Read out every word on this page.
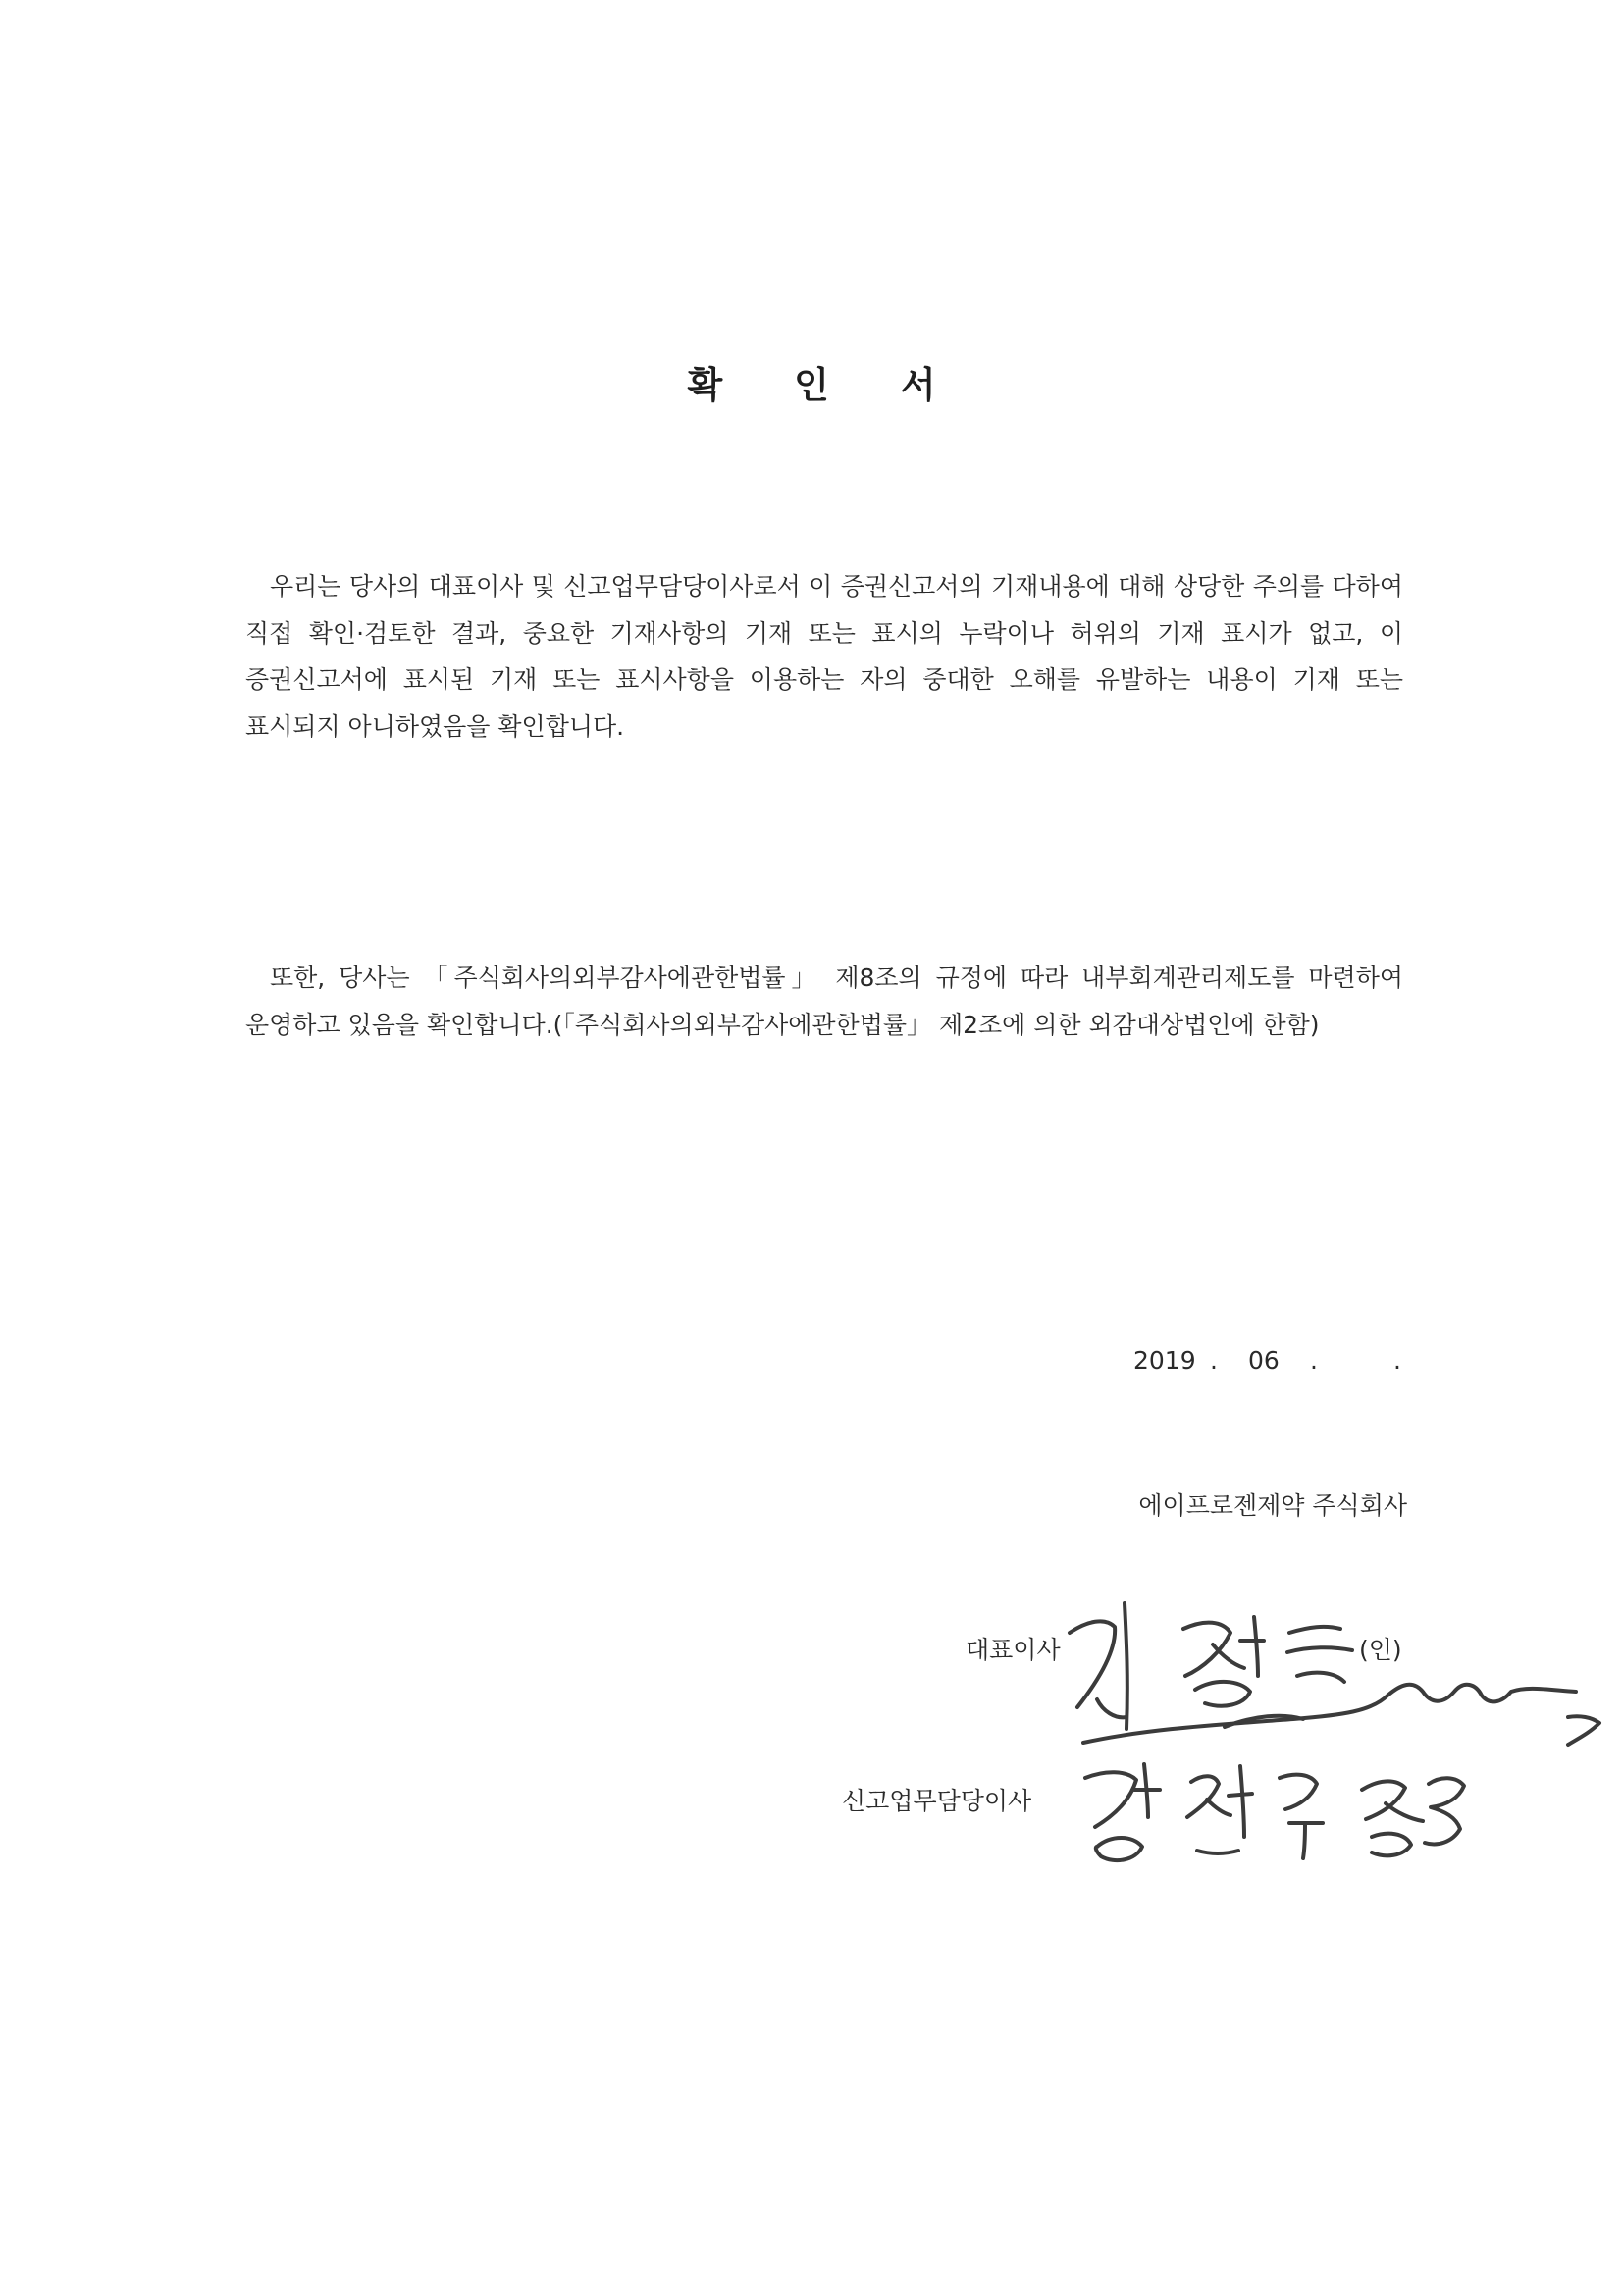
확 인 서

우리는 당사의 대표이사 및 신고업무담당이사로서 이 증권신고서의 기재내용에 대해 상당한 주의를 다하여 직접 확인·검토한 결과, 중요한 기재사항의 기재 또는 표시의 누락이나 허위의 기재 표시가 없고, 이 증권신고서에 표시된 기재 또는 표시사항을 이용하는 자의 중대한 오해를 유발하는 내용이 기재 또는 표시되지 아니하였음을 확인합니다.

또한, 당사는 「주식회사의외부감사에관한법률」 제8조의 규정에 따라 내부회계관리제도를 마련하여 운영하고 있음을 확인합니다.(「주식회사의외부감사에관한법률」 제2조에 의한 외감대상법인에 한함)

2019 . 06 .	.
에이프로젠제약 주식회사
대표이사	(인)
신고업무담당이사
